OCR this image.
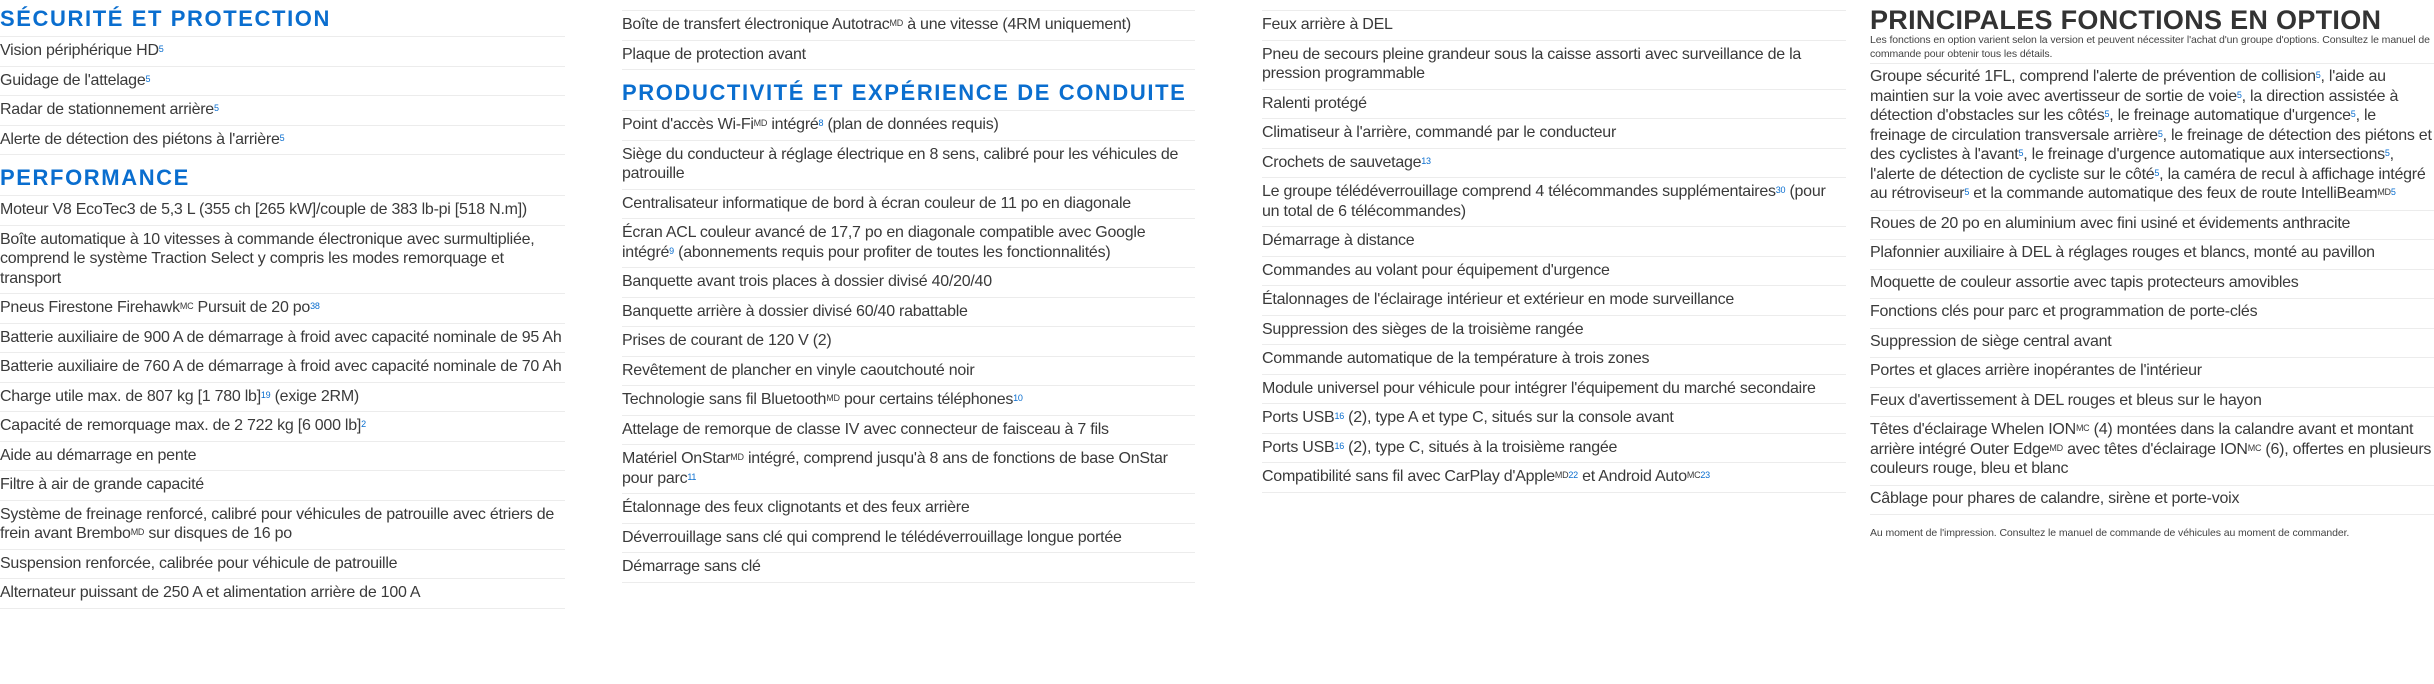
SÉCURITÉ ET PROTECTION
Vision périphérique $HD^5$
Guidage de l'attelage$^5$
Radar de stationnement arrière$^5$
Alerte de détection des piétons à l'arrière$^5$
PERFORMANCE
Moteur V8 EcoTec3 de 5,3 L (355 ch [265 kW]/couple de 383 lb-pi [518 N.m])
Boîte automatique à 10 vitesses à commande électronique avec surmultipliée, comprend le système Traction Select y compris les modes remorquage et transport
Pneus Firestone Firehawk$^{MC}$ Pursuit de 20 $po^{38}$
Batterie auxiliaire de 900 A de démarrage à froid avec capacité nominale de 95 Ah
Batterie auxiliaire de 760 A de démarrage à froid avec capacité nominale de 70 Ah
Charge utile max. de 807 kg [1 780 lb]$^{19}$ (exige 2RM)
Capacité de remorquage max. de 2 722 kg [6 000 lb]$^2$
Aide au démarrage en pente
Filtre à air de grande capacité
Système de freinage renforcé, calibré pour véhicules de patrouille avec étriers de frein avant Brembo$^{MD}$ sur disques de 16 po
Suspension renforcée, calibrée pour véhicule de patrouille
Alternateur puissant de 250 A et alimentation arrière de 100 A
Boîte de transfert électronique Autotrac$^{MD}$ à une vitesse (4RM uniquement)
Plaque de protection avant
PRODUCTIVITÉ ET EXPÉRIENCE DE CONDUITE
Point d'accès $Wi-Fi^{MD}$ intégré$^8$ (plan de données requis)
Siège du conducteur à réglage électrique en 8 sens, calibré pour les véhicules de patrouille
Centralisateur informatique de bord à écran couleur de 11 po en diagonale
Écran ACL couleur avancé de 17,7 po en diagonale compatible avec Google intégré$^9$ (abonnements requis pour profiter de toutes les fonctionnalités)
Banquette avant trois places à dossier divisé 40/20/40
Banquette arrière à dossier divisé 60/40 rabattable
Prises de courant de 120 V (2)
Revêtement de plancher en vinyle caoutchouté noir
Technologie sans fil Bluetooth$^{MD}$ pour certains téléphones$^{10}$
Attelage de remorque de classe IV avec connecteur de faisceau à 7 fils
Matériel OnStar$^{MD}$ intégré, comprend jusqu'à 8 ans de fonctions de base OnStar pour parc$^{11}$
Étalonnage des feux clignotants et des feux arrière
Déverrouillage sans clé qui comprend le télédéverrouillage longue portée
Démarrage sans clé
Feux arrière à DEL
Pneu de secours pleine grandeur sous la caisse assorti avec surveillance de la pression programmable
Ralenti protégé
Climatiseur à l'arrière, commandé par le conducteur
Crochets de sauvetage$^{13}$
Le groupe télédéverrouillage comprend 4 télécommandes supplémentaires$^{30}$ (pour un total de 6 télécommandes)
Démarrage à distance
Commandes au volant pour équipement d'urgence
Étalonnages de l'éclairage intérieur et extérieur en mode surveillance
Suppression des sièges de la troisième rangée
Commande automatique de la température à trois zones
Module universel pour véhicule pour intégrer l'équipement du marché secondaire
Ports USB$^{16}$ (2), type A et type C, situés sur la console avant
Ports USB$^{16}$ (2), type C, situés à la troisième rangée
Compatibilité sans fil avec CarPlay d'Apple$^{MD22}$ et Android Auto$^{MC23}$
PRINCIPALES FONCTIONS EN OPTION
Les fonctions en option varient selon la version et peuvent nécessiter l'achat d'un groupe d'options. Consultez le manuel de commande pour obtenir tous les détails.
Groupe sécurité 1FL, comprend l'alerte de prévention de collision$^5$, l'aide au maintien sur la voie avec avertisseur de sortie de voie$^5$, la direction assistée à détection d'obstacles sur les côtés$^5$, le freinage automatique d'urgence$^5$, le freinage de circulation transversale arrière$^5$, le freinage de détection des piétons et des cyclistes à l'avant$^5$, le freinage d'urgence automatique aux intersections$^5$, l'alerte de détection de cycliste sur le côté$^5$, la caméra de recul à affichage intégré au rétroviseur$^5$ et la commande automatique des feux de route IntelliBeam$^{MD5}$
Roues de 20 po en aluminium avec fini usiné et évidements anthracite
Plafonnier auxiliaire à DEL à réglages rouges et blancs, monté au pavillon
Moquette de couleur assortie avec tapis protecteurs amovibles
Fonctions clés pour parc et programmation de porte-clés
Suppression de siège central avant
Portes et glaces arrière inopérantes de l'intérieur
Feux d'avertissement à DEL rouges et bleus sur le hayon
Têtes d'éclairage Whelen $ION^{MC}$ (4) montées dans la calandre avant et montant arrière intégré Outer Edge$^{MD}$ avec têtes d'éclairage $ION^{MC}$ (6), offertes en plusieurs couleurs rouge, bleu et blanc
Câblage pour phares de calandre, sirène et porte-voix
Au moment de l'impression. Consultez le manuel de commande de véhicules au moment de commander.
